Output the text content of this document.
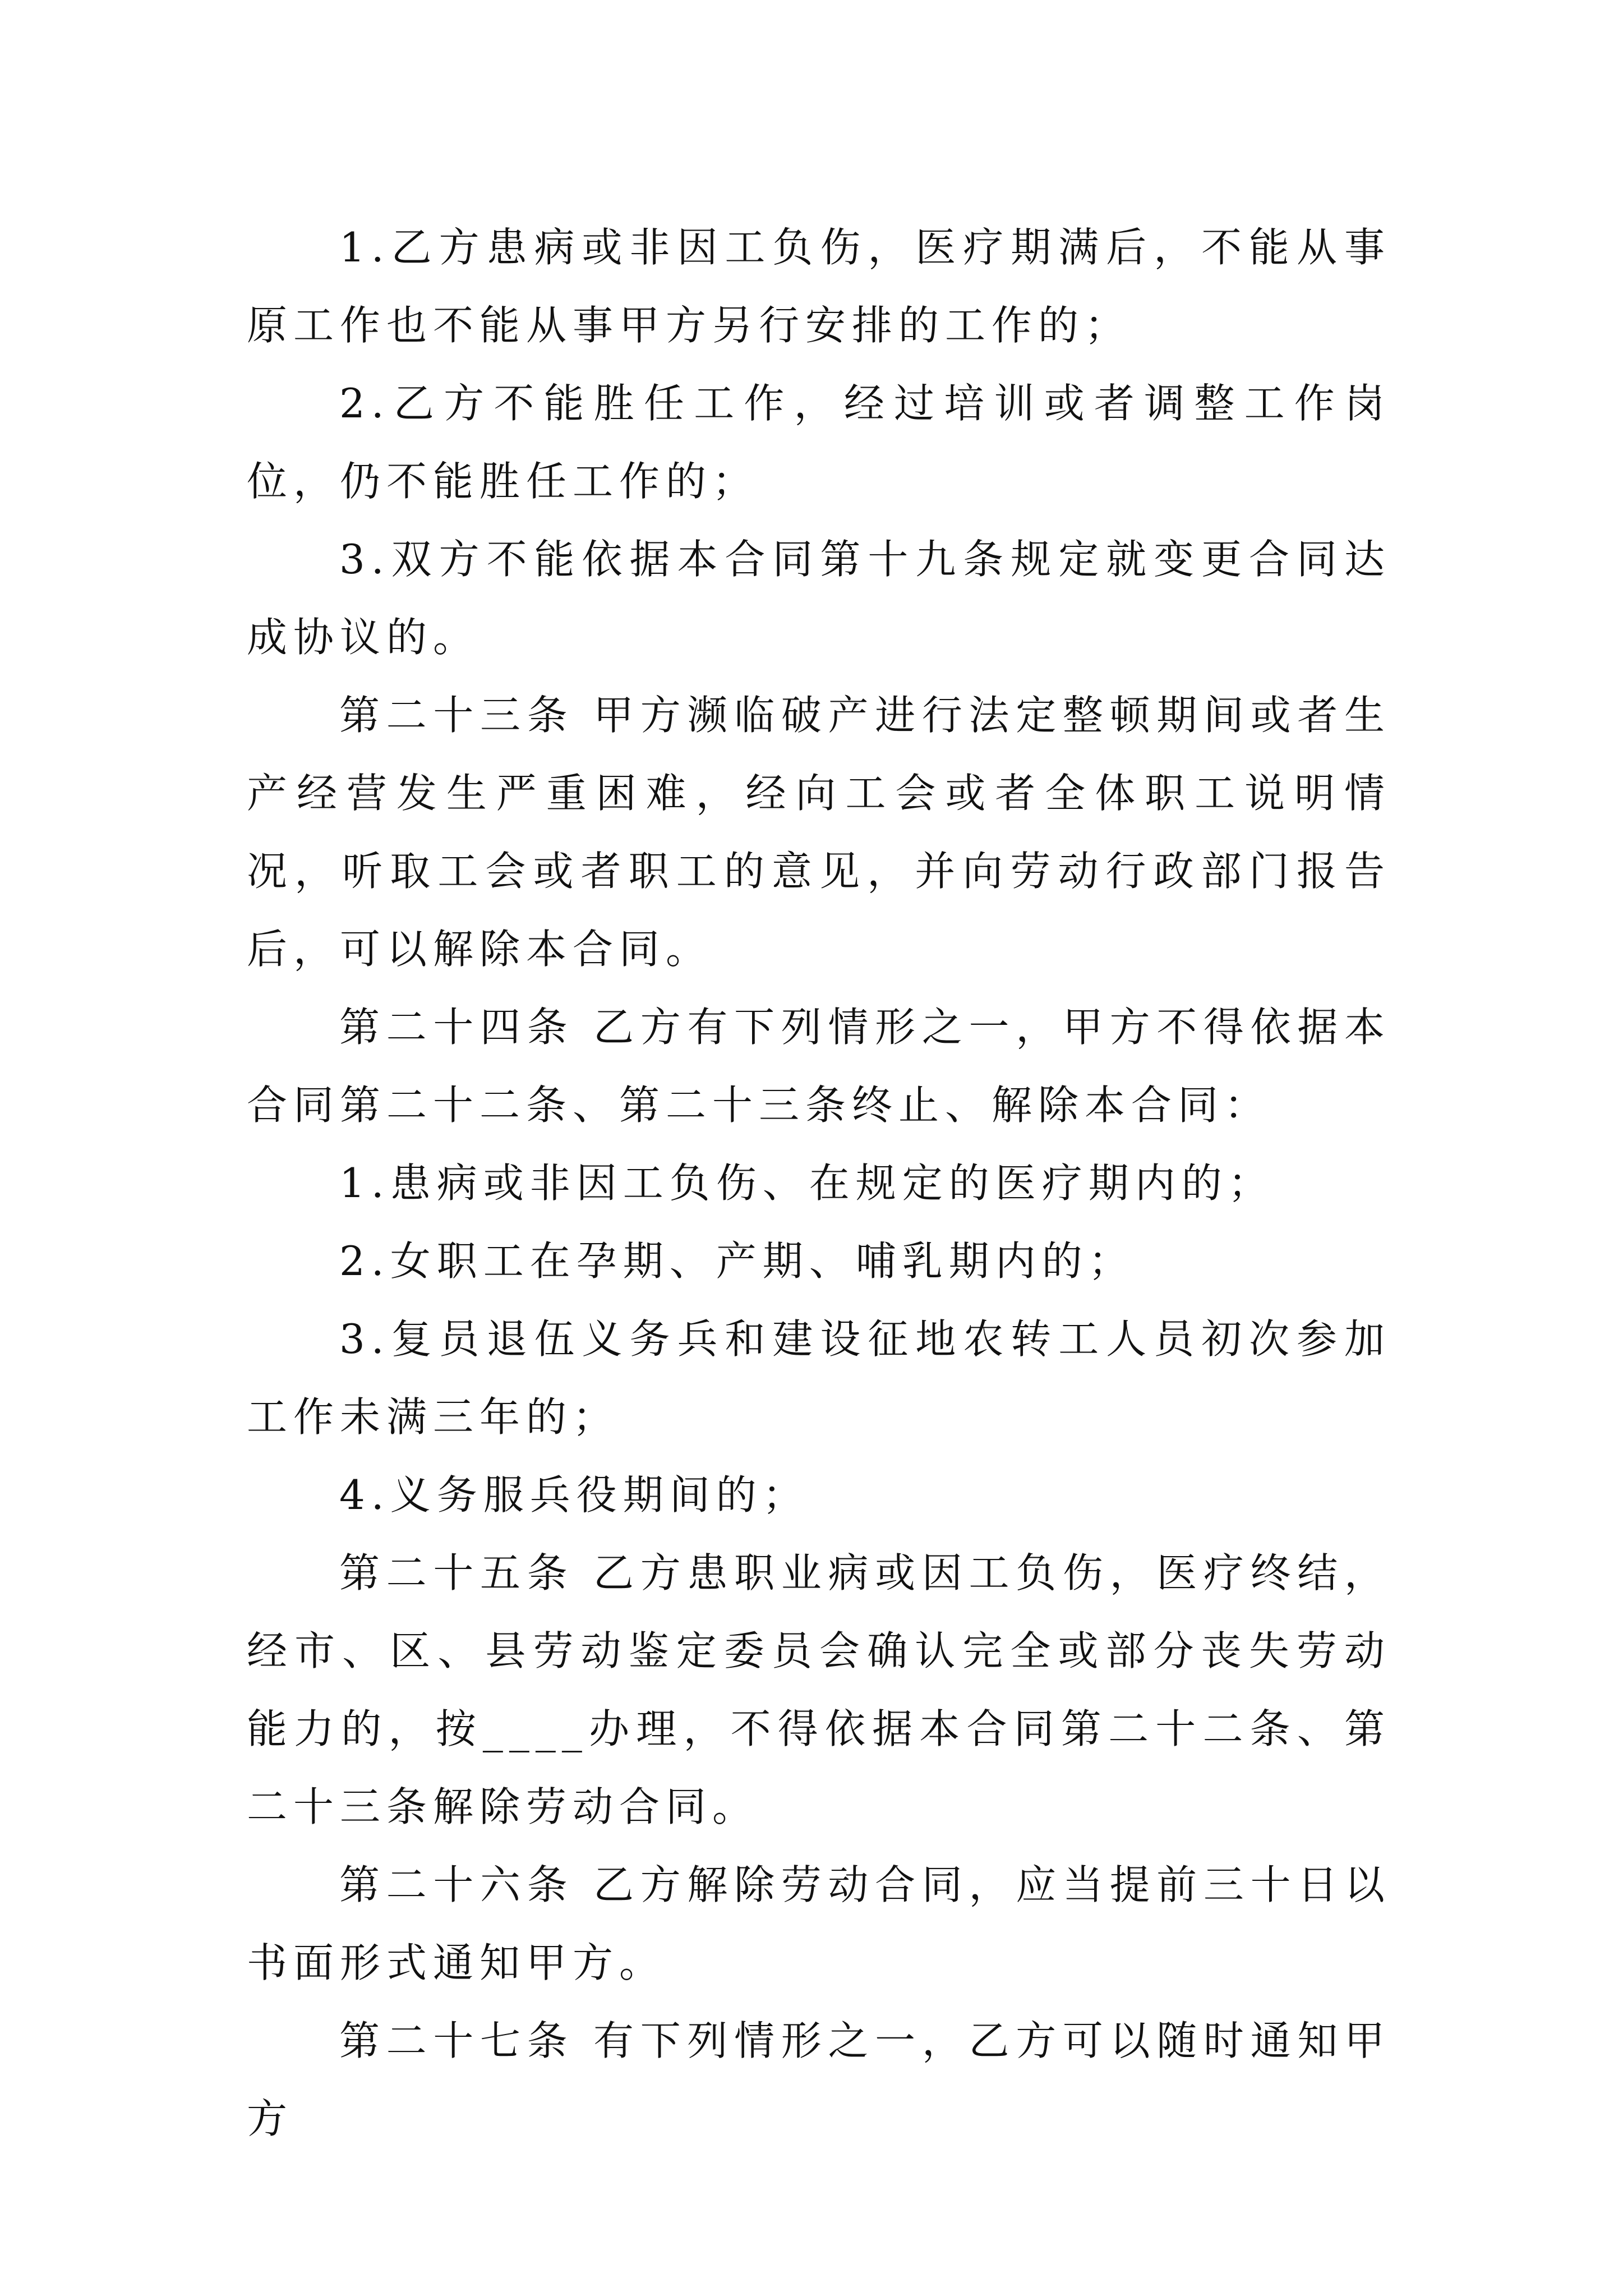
1.乙方患病或非因工负伤，医疗期满后，不能从事原工作也不能从事甲方另行安排的工作的；

2.乙方不能胜任工作，经过培训或者调整工作岗位，仍不能胜任工作的；

3.双方不能依据本合同第十九条规定就变更合同达成协议的。

第二十三条 甲方濒临破产进行法定整顿期间或者生产经营发生严重困难，经向工会或者全体职工说明情况，听取工会或者职工的意见，并向劳动行政部门报告后，可以解除本合同。

第二十四条 乙方有下列情形之一，甲方不得依据本合同第二十二条、第二十三条终止、解除本合同：

1.患病或非因工负伤、在规定的医疗期内的；

2.女职工在孕期、产期、哺乳期内的；

3.复员退伍义务兵和建设征地农转工人员初次参加工作未满三年的；

4.义务服兵役期间的；

第二十五条 乙方患职业病或因工负伤，医疗终结，经市、区、县劳动鉴定委员会确认完全或部分丧失劳动能力的，按____办理，不得依据本合同第二十二条、第二十三条解除劳动合同。

第二十六条 乙方解除劳动合同，应当提前三十日以书面形式通知甲方。

第二十七条 有下列情形之一，乙方可以随时通知甲方
